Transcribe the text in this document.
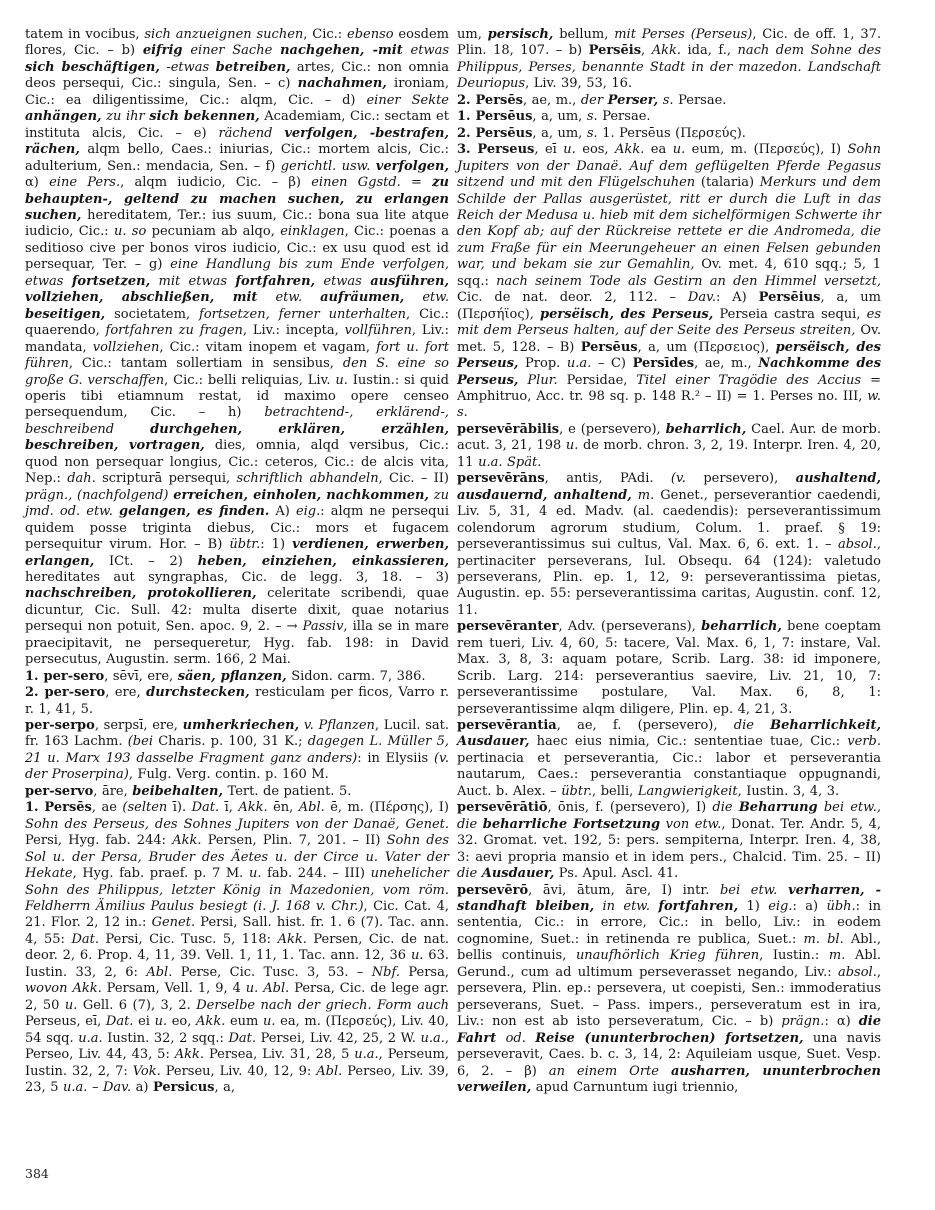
tatem in vocibus, sich anzueignen suchen, Cic.: ebenso eosdem flores, Cic. – b) eifrig einer Sache nachgehen, -mit etwas sich beschäftigen, -etwas betreiben, artes, Cic.: non omnia deos persequi, Cic.: singula, Sen. – c) nachahmen, ironiam, Cic.: ea diligentissime, Cic.: alqm, Cic. – d) einer Sekte anhängen, zu ihr sich bekennen, Academiam, Cic.: sectam et instituta alcis, Cic. – e) rächend verfolgen, -bestrafen, rächen, alqm bello, Caes.: iniurias, Cic.: mortem alcis, Cic.: adulterium, Sen.: mendacia, Sen. – f) gerichtl. usw. verfolgen, α) eine Pers., alqm iudicio, Cic. – β) einen Ggstd. = zu behaupten-, geltend zu machen suchen, zu erlangen suchen, hereditatem, Ter.: ius suum, Cic.: bona sua lite atque iudicio, Cic.: u. so pecuniam ab alqo, einklagen, Cic.: poenas a seditioso cive per bonos viros iudicio, Cic.: ex usu quod est id persequar, Ter. – g) eine Handlung bis zum Ende verfolgen, etwas fortsetzen, mit etwas fortfahren, etwas ausführen, vollziehen, abschließen, mit etw. aufräumen, etw. beseitigen, societatem, fortsetzen, ferner unterhalten, Cic.: quaerendo, fortfahren zu fragen, Liv.: incepta, vollführen, Liv.: mandata, vollziehen, Cic.: vitam inopem et vagam, fort u. fort führen, Cic.: tantam sollertiam in sensibus, den S. eine so große G. verschaffen, Cic.: belli reliquias, Liv. u. Iustin.: si quid operis tibi etiamnum restat, id maximo opere censeo persequendum, Cic. – h) betrachtend-, erklärend-, beschreibend	durchgehen, erklären, erzählen, beschreiben, vortragen, dies, omnia, alqd versibus, Cic.: quod non persequar longius, Cic.: ceteros, Cic.: de alcis vita, Nep.: dah. scripturā persequi, schriftlich abhandeln, Cic. – II) prägn., (nachfolgend) erreichen, einholen, nachkommen, zu jmd. od. etw. gelangen, es finden. A) eig.: alqm ne persequi quidem posse triginta diebus, Cic.: mors et fugacem persequitur virum. Hor. – B) übtr.: 1) verdienen, erwerben, erlangen, ICt. – 2) heben, einziehen, einkassieren, hereditates aut syngraphas, Cic. de legg. 3, 18. – 3) nachschreiben, protokollieren, celeritate scribendi, quae dicuntur, Cic. Sull. 42: multa diserte dixit, quae notarius persequi non potuit, Sen. apoc. 9, 2. – → Passiv, illa se in mare praecipitavit, ne persequeretur, Hyg. fab. 198: in David persecutus, Augustin. serm. 166, 2 Mai.

1. per-sero, sēvī, ere, säen, pflanzen, Sidon. carm. 7, 386.

2. per-sero, ere, durchstecken, resticulam per ficos, Varro r. r. 1, 41, 5.

per-serpo, serpsī, ere, umherkriechen, v. Pflanzen, Lucil. sat. fr. 163 Lachm. (bei Charis. p. 100, 31 K.; dagegen L. Müller 5, 21 u. Marx 193 dasselbe Fragment ganz anders): in Elysiis (v. der Proserpina), Fulg. Verg. contin. p. 160 M.

per-servo, āre, beibehalten, Tert. de patient. 5.

1. Persēs, ae (selten ī). Dat. ī, Akk. ēn, Abl. ē, m. (Πέρσης), I) Sohn des Perseus, des Sohnes Jupiters von der Danaë, Genet. Persi, Hyg. fab. 244: Akk. Persen, Plin. 7, 201. – II) Sohn des Sol u. der Persa, Bruder des Äetes u. der Circe u. Vater der Hekate, Hyg. fab. praef. p. 7 M. u. fab. 244. – III) unehelicher Sohn des Philippus, letzter König in Mazedonien, vom röm. Feldherrn Ämilius Paulus besiegt (i. J. 168 v. Chr.), Cic. Cat. 4, 21. Flor. 2, 12 in.: Genet. Persi, Sall. hist. fr. 1. 6 (7). Tac. ann. 4, 55: Dat. Persi, Cic. Tusc. 5, 118: Akk. Persen, Cic. de nat. deor. 2, 6. Prop. 4, 11, 39. Vell. 1, 11, 1. Tac. ann. 12, 36 u. 63. Iustin. 33, 2, 6: Abl. Perse, Cic. Tusc. 3, 53. – Nbf. Persa, wovon Akk. Persam, Vell. 1, 9, 4 u. Abl. Persa, Cic. de lege agr. 2, 50 u. Gell. 6 (7), 3, 2. Derselbe nach der griech. Form auch Perseus, eī, Dat. ei u. eo, Akk. eum u. ea, m. (Περσεύς), Liv. 40, 54 sqq. u.a. Iustin. 32, 2 sqq.: Dat. Persei, Liv. 42, 25, 2 W. u.a., Perseo, Liv. 44, 43, 5: Akk. Persea, Liv. 31, 28, 5 u.a., Perseum, Iustin. 32, 2, 7: Vok. Perseu, Liv. 40, 12, 9: Abl. Perseo, Liv. 39, 23, 5 u.a. – Dav. a) Persicus, a,

um, persisch, bellum, mit Perses (Perseus), Cic. de off. 1, 37. Plin. 18, 107. – b) Persēis, Akk. ida, f., nach dem Sohne des Philippus, Perses, benannte Stadt in der mazedon. Landschaft Deuriopus, Liv. 39, 53, 16.

2. Persēs, ae, m., der Perser, s. Persae.

1. Persēus, a, um, s. Persae.

2. Persēus, a, um, s. 1. Persēus (Περσεύς).

3. Perseus, eī u. eos, Akk. ea u. eum, m. (Περσεύς), I) Sohn Jupiters von der Danaë. Auf dem geflügelten Pferde Pegasus sitzend und mit den Flügelschuhen (talaria) Merkurs und dem Schilde der Pallas ausgerüstet, ritt er durch die Luft in das Reich der Medusa u. hieb mit dem sichelförmigen Schwerte ihr den Kopf ab; auf der Rückreise rettete er die Andromeda, die zum Fraße für ein Meerungeheuer an einen Felsen gebunden war, und bekam sie zur Gemahlin, Ov. met. 4, 610 sqq.; 5, 1 sqq.: nach seinem Tode als Gestirn an den Himmel versetzt, Cic. de nat. deor. 2, 112. – Dav.: A) Persēius, a, um (Περσήϊος), persëisch, des Perseus, Perseia castra sequi, es mit dem Perseus halten, auf der Seite des Perseus streiten, Ov. met. 5, 128. – B) Persēus, a, um (Περσειος), persëisch, des Perseus, Prop. u.a. – C) Persīdes, ae, m., Nachkomme des Perseus, Plur. Persidae, Titel einer Tragödie des Accius = Amphitruo, Acc. tr. 98 sq. p. 148 R.² – II) = 1. Perses no. III, w. s.

persevērābilis, e (persevero), beharrlich, Cael. Aur. de morb. acut. 3, 21, 198 u. de morb. chron. 3, 2, 19. Interpr. Iren. 4, 20, 11 u.a. Spät.

persevērāns, antis, PAdi. (v. persevero), aushaltend, ausdauernd, anhaltend, m. Genet., perseverantior caedendi, Liv. 5, 31, 4 ed. Madv. (al. caedendis): perseverantissimum colendorum agrorum studium, Colum. 1. praef. § 19: perseverantissimus sui cultus, Val. Max. 6, 6. ext. 1. – absol., pertinaciter perseverans, Iul. Obsequ. 64 (124): valetudo perseverans, Plin. ep. 1, 12, 9: perseverantissima pietas, Augustin. ep. 55: perseverantissima caritas, Augustin. conf. 12, 11.

persevēranter, Adv. (perseverans), beharrlich, bene coeptam rem tueri, Liv. 4, 60, 5: tacere, Val. Max. 6, 1, 7: instare, Val. Max. 3, 8, 3: aquam potare, Scrib. Larg. 38: id imponere, Scrib. Larg. 214: perseverantius saevire, Liv. 21, 10, 7: perseverantissime postulare, Val. Max. 6, 8, 1: perseverantissime alqm diligere, Plin. ep. 4, 21, 3.

persevērantia, ae, f. (persevero), die Beharrlichkeit, Ausdauer, haec eius nimia, Cic.: sententiae tuae, Cic.: verb. pertinacia et perseverantia, Cic.: labor et perseverantia nautarum, Caes.: perseverantia constantiaque oppugnandi, Auct. b. Alex. – übtr., belli, Langwierigkeit, Iustin. 3, 4, 3.

persevērātiō, ōnis, f. (persevero), I) die Beharrung bei etw., die beharrliche Fortsetzung von etw., Donat. Ter. Andr. 5, 4, 32. Gromat. vet. 192, 5: pers. sempiterna, Interpr. Iren. 4, 38, 3: aevi propria mansio et in idem pers., Chalcid. Tim. 25. – II) die Ausdauer, Ps. Apul. Ascl. 41.

persevērō, āvi, ātum, āre, I) intr. bei etw. verharren, -standhaft bleiben, in etw. fortfahren, 1) eig.: a) übh.: in sententia, Cic.: in errore, Cic.: in bello, Liv.: in eodem cognomine, Suet.: in retinenda re publica, Suet.: m. bl. Abl., bellis continuis, unaufhörlich Krieg führen, Iustin.: m. Abl. Gerund., cum ad ultimum perseverasset negando, Liv.: absol., persevera, Plin. ep.: persevera, ut coepisti, Sen.: immoderatius perseverans, Suet. – Pass. impers., perseveratum est in ira, Liv.: non est ab isto perseveratum, Cic. – b) prägn.: α) die Fahrt od. Reise (ununterbrochen) fortsetzen, una navis perseveravit, Caes. b. c. 3, 14, 2: Aquileiam usque, Suet. Vesp. 6, 2. – β) an einem Orte ausharren, ununterbrochen verweilen, apud Carnuntum iugi triennio,

384
